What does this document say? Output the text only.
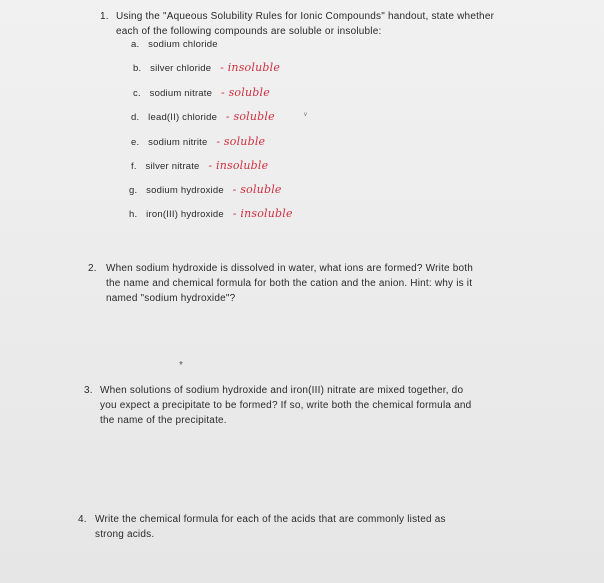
1. Using the "Aqueous Solubility Rules for Ionic Compounds" handout, state whether
each of the following compounds are soluble or insoluble:
a. sodium chloride
b. silver chloride - insoluble
c. sodium nitrate - soluble
d. lead(II) chloride - soluble	ᵛ
e. sodium nitrite - soluble
f. silver nitrate - insoluble
g. sodium hydroxide - soluble
h. iron(III) hydroxide - insoluble
2. When sodium hydroxide is dissolved in water, what ions are formed? Write both
the name and chemical formula for both the cation and the anion. Hint: why is it
named "sodium hydroxide"?
*
3. When solutions of sodium hydroxide and iron(III) nitrate are mixed together, do
you expect a precipitate to be formed? If so, write both the chemical formula and
the name of the precipitate.
4. Write the chemical formula for each of the acids that are commonly listed as
strong acids.
